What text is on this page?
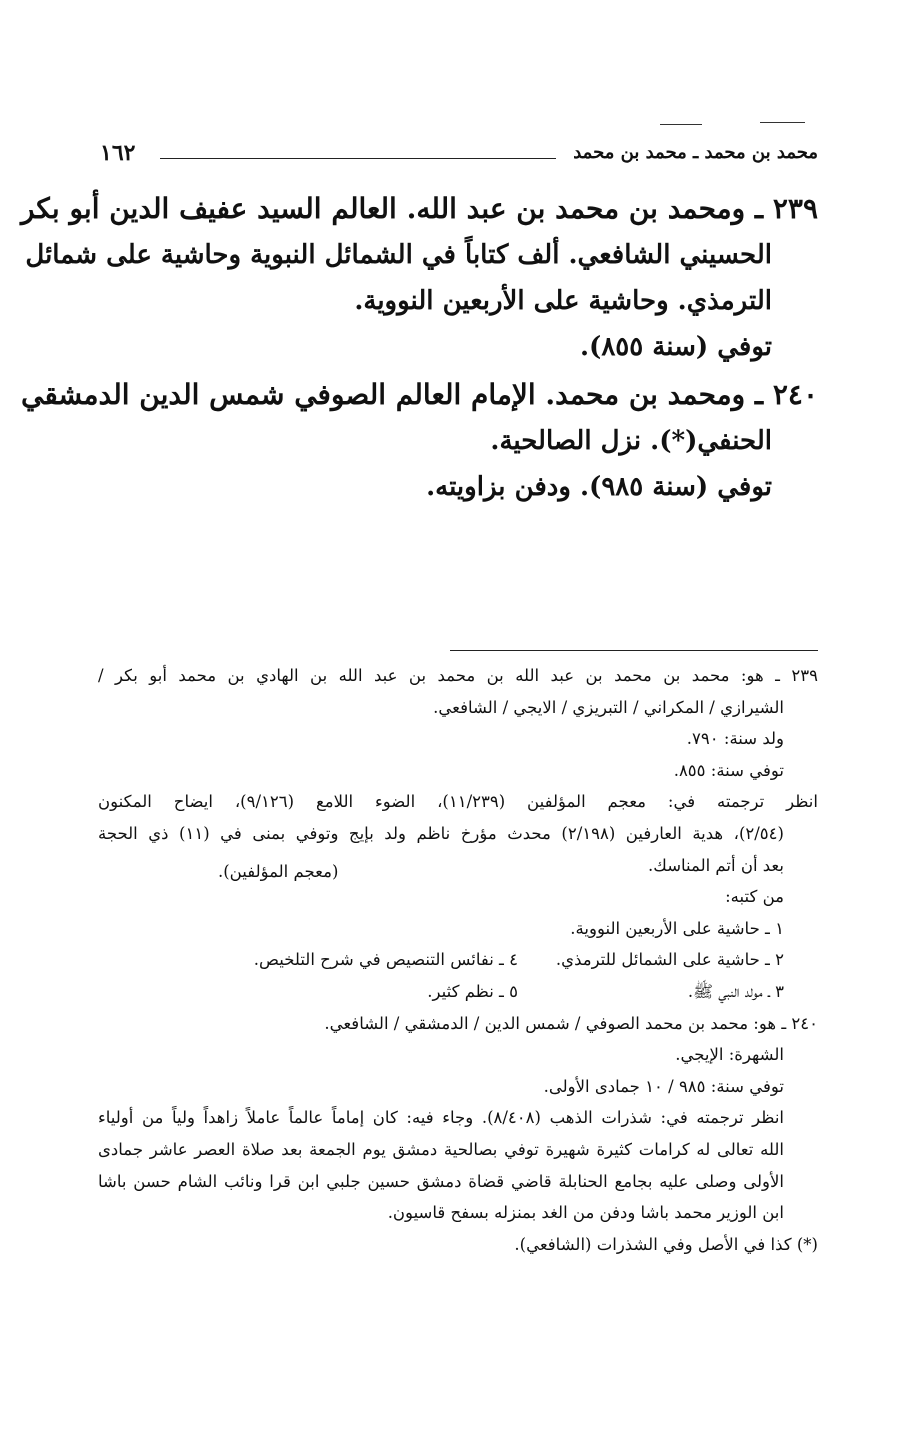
محمد بن محمد ـ محمد بن محمد
١٦٢
٢٣٩ ـ ومحمد بن محمد بن عبد الله. العالم السيد عفيف الدين أبو بكر
الحسيني الشافعي. ألف كتاباً في الشمائل النبوية وحاشية على شمائل
الترمذي. وحاشية على الأربعين النووية.
توفي (سنة ٨٥٥).
٢٤٠ ـ ومحمد بن محمد. الإمام العالم الصوفي شمس الدين الدمشقي
الحنفي(*). نزل الصالحية.
توفي (سنة ٩٨٥). ودفن بزاويته.
٢٣٩ ـ هو: محمد بن محمد بن عبد الله بن محمد بن عبد الله بن الهادي بن محمد أبو بكر /
الشيرازي / المكراني / التبريزي / الايجي / الشافعي.
ولد سنة: ٧٩٠.
توفي سنة: ٨٥٥.
انظر ترجمته في: معجم المؤلفين (١١/٢٣٩)، الضوء اللامع (٩/١٢٦)، ايضاح المكنون
(٢/٥٤)، هدية العارفين (٢/١٩٨) محدث مؤرخ ناظم ولد بإيج وتوفي بمنى في (١١) ذي الحجة
بعد أن أتم المناسك.
(معجم المؤلفين).
من كتبه:
١ ـ حاشية على الأربعين النووية.
٢ ـ حاشية على الشمائل للترمذي.
٤ ـ نفائس التنصيص في شرح التلخيص.
٣ ـ مولد النبي ﷺ.
٥ ـ نظم كثير.
٢٤٠ ـ هو: محمد بن محمد الصوفي / شمس الدين / الدمشقي / الشافعي.
الشهرة: الإيجي.
توفي سنة: ٩٨٥ / ١٠ جمادى الأولى.
انظر ترجمته في: شذرات الذهب (٨/٤٠٨). وجاء فيه: كان إماماً عالماً عاملاً زاهداً ولياً من أولياء
الله تعالى له كرامات كثيرة شهيرة توفي بصالحية دمشق يوم الجمعة بعد صلاة العصر عاشر جمادى
الأولى وصلى عليه بجامع الحنابلة قاضي قضاة دمشق حسين جلبي ابن قرا ونائب الشام حسن باشا
ابن الوزير محمد باشا ودفن من الغد بمنزله بسفح قاسيون.
(*) كذا في الأصل وفي الشذرات (الشافعي).
